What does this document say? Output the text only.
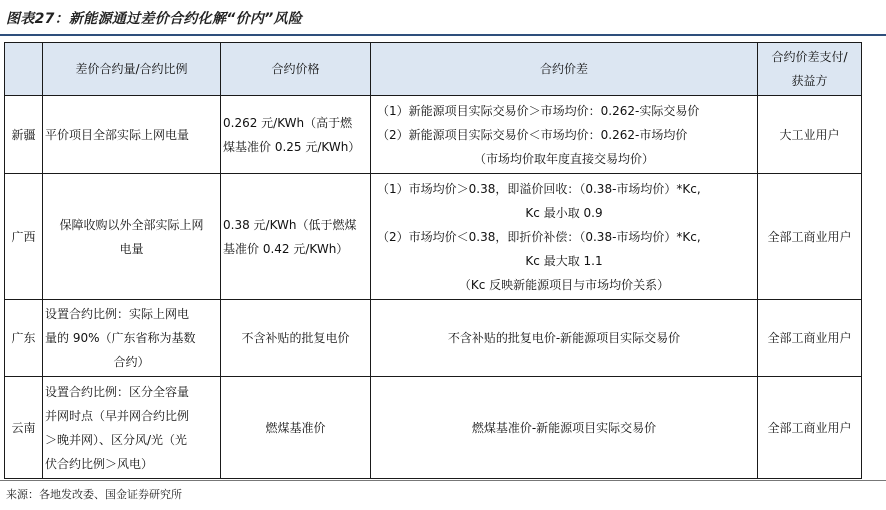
图表27：新能源通过差价合约化解“价内”风险
	差价合约量/合约比例	合约价格	合约价差	合约价差支付/
获益方

新疆	平价项目全部实际上网电量	0.262 元/KWh（高于燃
煤基准价 0.25 元/KWh）	（1）新能源项目实际交易价＞市场均价：0.262-实际交易价
（2）新能源项目实际交易价＜市场均价：0.262-市场均价
（市场均价取年度直接交易均价）	大工业用户
广西	保障收购以外全部实际上网
电量	0.38 元/KWh（低于燃煤
基准价 0.42 元/KWh）	（1）市场均价＞0.38，即溢价回收：（0.38-市场均价）*Kc,
Kc 最小取 0.9
（2）市场均价＜0.38，即折价补偿：（0.38-市场均价）*Kc,
Kc 最大取 1.1
（Kc 反映新能源项目与市场均价关系）	全部工商业用户
广东	设置合约比例：实际上网电
量的 90%（广东省称为基数
合约）	不含补贴的批复电价	不含补贴的批复电价-新能源项目实际交易价	全部工商业用户
云南	设置合约比例：区分全容量
并网时点（早并网合约比例
＞晚并网）、区分风/光（光
伏合约比例＞风电）	燃煤基准价	燃煤基准价-新能源项目实际交易价	全部工商业用户
来源：各地发改委、国金证券研究所
